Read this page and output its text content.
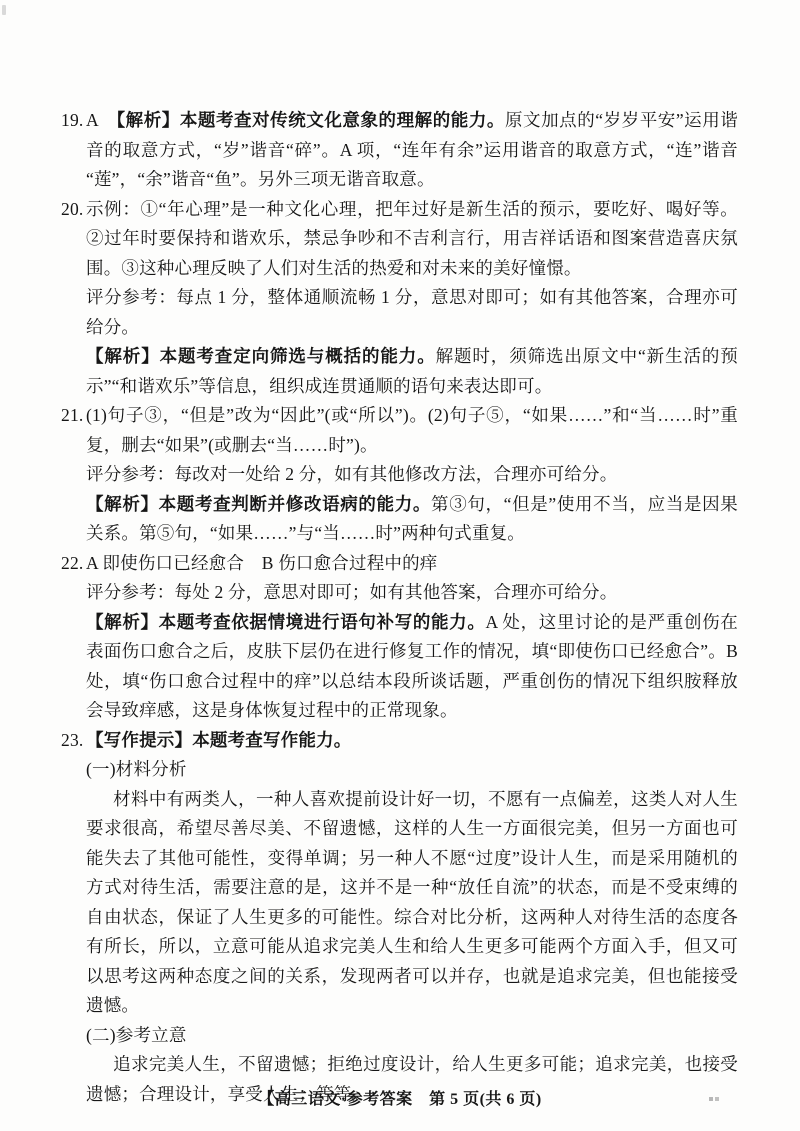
19. A　【解析】本题考查对传统文化意象的理解的能力。原文加点的“岁岁平安”运用谐音的取意方式，“岁”谐音“碎”。A 项，“连年有余”运用谐音的取意方式，“连”谐音“莲”，“余”谐音“鱼”。另外三项无谐音取意。

20. 示例：①“年心理”是一种文化心理，把年过好是新生活的预示，要吃好、喝好等。②过年时要保持和谐欢乐，禁忌争吵和不吉利言行，用吉祥话语和图案营造喜庆氛围。③这种心理反映了人们对生活的热爱和对未来的美好憧憬。

评分参考：每点 1 分，整体通顺流畅 1 分，意思对即可；如有其他答案，合理亦可给分。

【解析】本题考查定向筛选与概括的能力。解题时，须筛选出原文中“新生活的预示”“和谐欢乐”等信息，组织成连贯通顺的语句来表达即可。

21. (1)句子③，“但是”改为“因此”(或“所以”)。(2)句子⑤，“如果……”和“当……时”重复，删去“如果”(或删去“当……时”)。

评分参考：每改对一处给 2 分，如有其他修改方法，合理亦可给分。

【解析】本题考查判断并修改语病的能力。第③句，“但是”使用不当，应当是因果关系。第⑤句，“如果……”与“当……时”两种句式重复。

22. A 即使伤口已经愈合　B 伤口愈合过程中的痒

评分参考：每处 2 分，意思对即可；如有其他答案，合理亦可给分。

【解析】本题考查依据情境进行语句补写的能力。A 处，这里讨论的是严重创伤在表面伤口愈合之后，皮肤下层仍在进行修复工作的情况，填“即使伤口已经愈合”。B 处，填“伤口愈合过程中的痒”以总结本段所谈话题，严重创伤的情况下组织胺释放会导致痒感，这是身体恢复过程中的正常现象。

23. 【写作提示】本题考查写作能力。

(一)材料分析

材料中有两类人，一种人喜欢提前设计好一切，不愿有一点偏差，这类人对人生要求很高，希望尽善尽美、不留遗憾，这样的人生一方面很完美，但另一方面也可能失去了其他可能性，变得单调；另一种人不愿“过度”设计人生，而是采用随机的方式对待生活，需要注意的是，这并不是一种“放任自流”的状态，而是不受束缚的自由状态，保证了人生更多的可能性。综合对比分析，这两种人对待生活的态度各有所长，所以，立意可能从追求完美人生和给人生更多可能两个方面入手，但又可以思考这两种态度之间的关系，发现两者可以并存，也就是追求完美，但也能接受遗憾。

(二)参考立意

追求完美人生，不留遗憾；拒绝过度设计，给人生更多可能；追求完美，也接受遗憾；合理设计，享受人生；等等。

【高三语文·参考答案　第 5 页(共 6 页)
